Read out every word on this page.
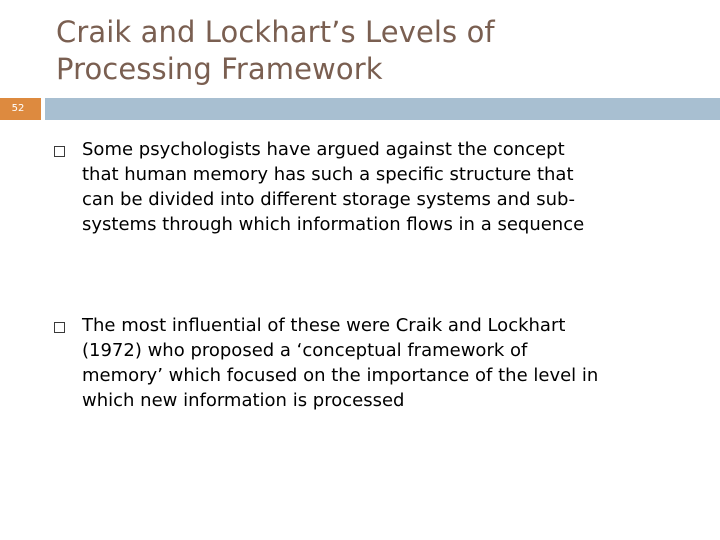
Craik and Lockhart’s Levels of
Processing Framework
52

Some psychologists have argued against the concept
that human memory has such a specific structure that
can be divided into different storage systems and sub-
systems through which information flows in a sequence

The most influential of these were Craik and Lockhart
(1972) who proposed a ‘conceptual framework of
memory’ which focused on the importance of the level in
which new information is processed
